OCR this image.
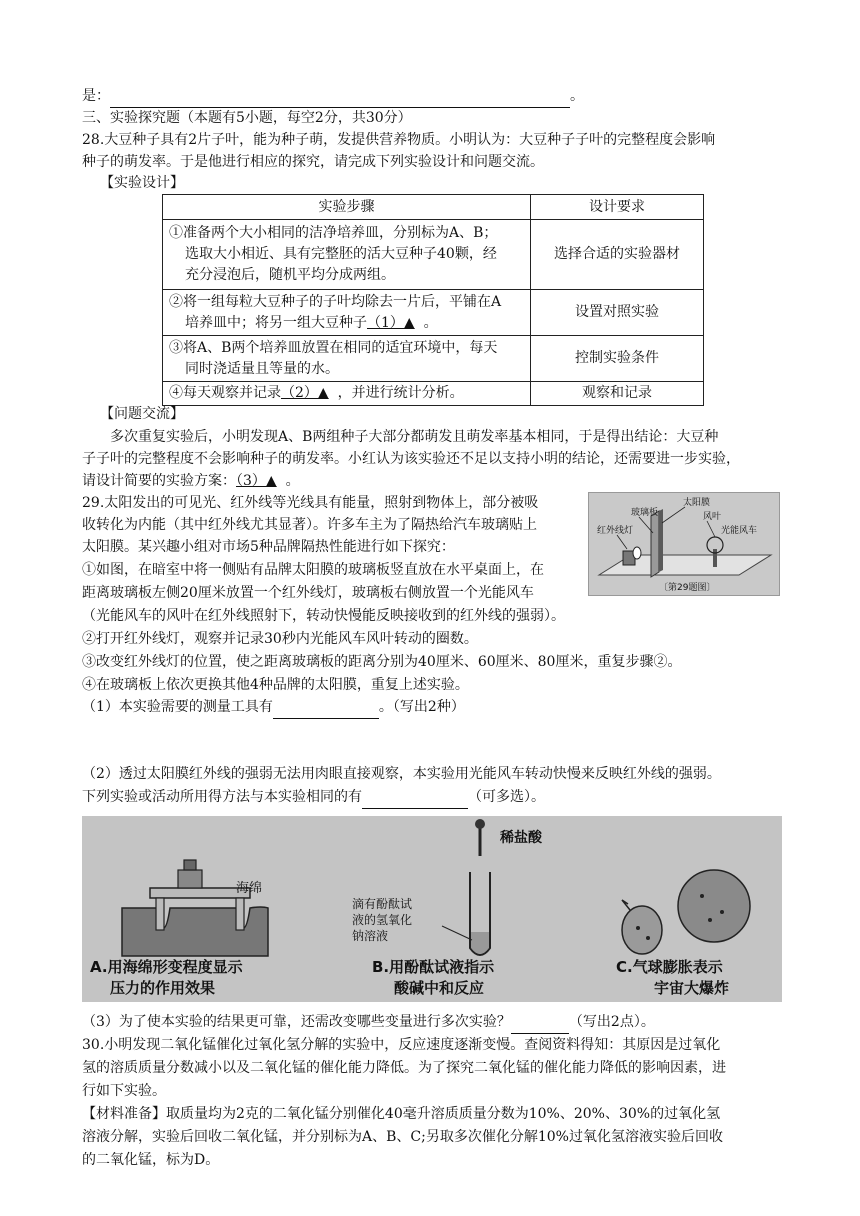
是：	。
三、实验探究题（本题有5小题，每空2分，共30分）
28.大豆种子具有2片子叶，能为种子萌，发提供营养物质。小明认为：大豆种子子叶的完整程度会影响
种子的萌发率。于是他进行相应的探究，请完成下列实验设计和问题交流。
【实验设计】
实验步骤	设计要求

①准备两个大小相同的洁净培养皿，分别标为A、B；
选取大小相近、具有完整胚的活大豆种子40颗，经 充分浸泡后，随机平均分成两组。	选择合适的实验器材

②将一组每粒大豆种子的子叶均除去一片后，平铺在A
培养皿中；将另一组大豆种子（1）▲ 。	设置对照实验

③将A、B两个培养皿放置在相同的适宜环境中，每天
同时浇适量且等量的水。	控制实验条件
④每天观察并记录（2）▲ ，并进行统计分析。	观察和记录
【问题交流】
多次重复实验后，小明发现A、B两组种子大部分都萌发且萌发率基本相同，于是得出结论：大豆种
子子叶的完整程度不会影响种子的萌发率。小红认为该实验还不足以支持小明的结论，还需要进一步实验，
请设计简要的实验方案：（3）▲ 。
29.太阳发出的可见光、红外线等光线具有能量，照射到物体上，部分被吸
收转化为内能（其中红外线尤其显著）。许多车主为了隔热给汽车玻璃贴上
太阳膜。某兴趣小组对市场5种品牌隔热性能进行如下探究：
①如图，在暗室中将一侧贴有品牌太阳膜的玻璃板竖直放在水平桌面上，在
距离玻璃板左侧20厘米放置一个红外线灯，玻璃板右侧放置一个光能风车
（光能风车的风叶在红外线照射下，转动快慢能反映接收到的红外线的强弱）。
②打开红外线灯，观察并记录30秒内光能风车风叶转动的圈数。
③改变红外线灯的位置，使之距离玻璃板的距离分别为40厘米、60厘米、80厘米，重复步骤②。
④在玻璃板上依次更换其他4种品牌的太阳膜，重复上述实验。
（1）本实验需要的测量工具有	。（写出2种）
玻璃板
太阳膜
风叶
红外线灯	光能风车
〔第29题图〕
（2）透过太阳膜红外线的强弱无法用肉眼直接观察，本实验用光能风车转动快慢来反映红外线的强弱。
下列实验或活动所用得方法与本实验相同的有	（可多选）。
海绵
A.用海绵形变程度显示
压力的作用效果
稀盐酸
滴有酚酞试
液的氢氧化
钠溶液
B.用酚酞试液指示
酸碱中和反应
C.气球膨胀表示
宇宙大爆炸
（3）为了使本实验的结果更可靠，还需改变哪些变量进行多次实验？	（写出2点）。
30.小明发现二氧化锰催化过氧化氢分解的实验中，反应速度逐渐变慢。查阅资料得知：其原因是过氧化
氢的溶质质量分数减小以及二氧化锰的催化能力降低。为了探究二氧化锰的催化能力降低的影响因素，进
行如下实验。
【材料准备】取质量均为2克的二氧化锰分别催化40毫升溶质质量分数为10%、20%、30%的过氧化氢
溶液分解，实验后回收二氧化锰，并分别标为A、B、C;另取多次催化分解10%过氧化氢溶液实验后回收
的二氧化锰，标为D。
